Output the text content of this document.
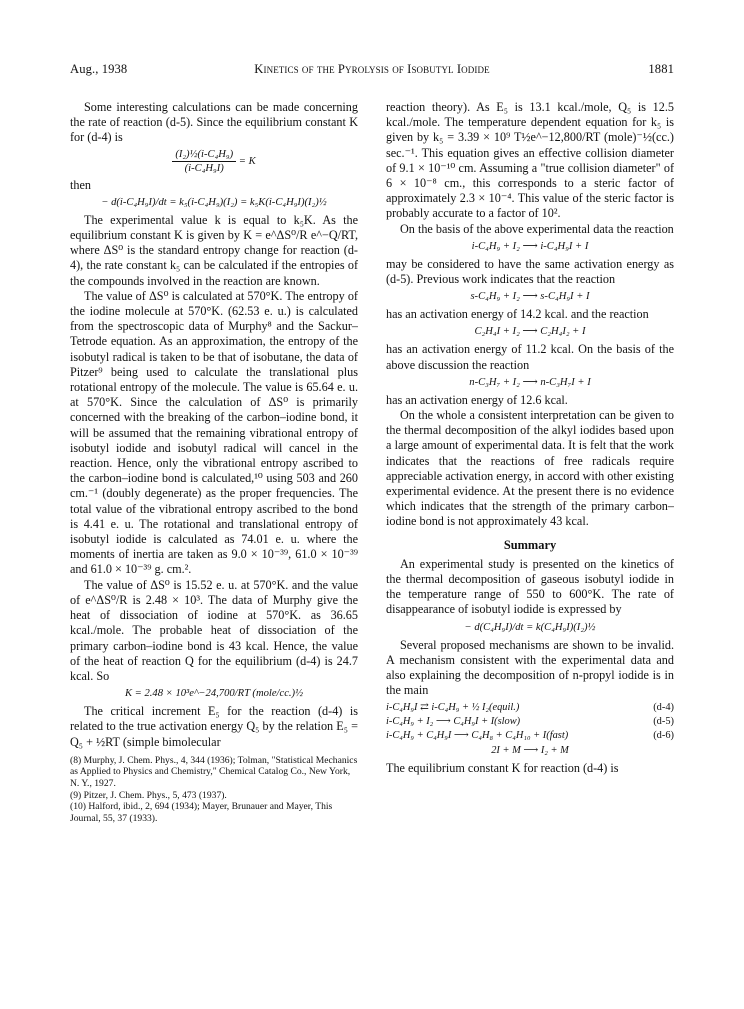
Aug., 1938	Kinetics of the Pyrolysis of Isobutyl Iodide	1881

Some interesting calculations can be made concerning the rate of reaction (d-5). Since the equilibrium constant K for (d-4) is

$\frac{\text{(I₂)½(i-C₄H₉)}}{\text{(i-C₄H₉I)}} = K$

then

− d(i-C₄H₉I)/dt = k₅(i-C₄H₉)(I₂) = k₅K(i-C₄H₉I)(I₂)½

The experimental value k is equal to k₅K. As the equilibrium constant K is given by K = e^ΔS⁰/R e^−Q/RT, where ΔS⁰ is the standard entropy change for reaction (d-4), the rate constant k₅ can be calculated if the entropies of the compounds involved in the reaction are known.

The value of ΔS⁰ is calculated at 570°K. The entropy of the iodine molecule at 570°K. (62.53 e. u.) is calculated from the spectroscopic data of Murphy⁸ and the Sackur–Tetrode equation. As an approximation, the entropy of the isobutyl radical is taken to be that of isobutane, the data of Pitzer⁹ being used to calculate the translational plus rotational entropy of the molecule. The value is 65.64 e. u. at 570°K. Since the calculation of ΔS⁰ is primarily concerned with the breaking of the carbon–iodine bond, it will be assumed that the remaining vibrational entropy of isobutyl iodide and isobutyl radical will cancel in the reaction. Hence, only the vibrational entropy ascribed to the carbon–iodine bond is calculated,¹⁰ using 503 and 260 cm.⁻¹ (doubly degenerate) as the proper frequencies. The total value of the vibrational entropy ascribed to the bond is 4.41 e. u. The rotational and translational entropy of isobutyl iodide is calculated as 74.01 e. u. where the moments of inertia are taken as 9.0 × 10⁻³⁹, 61.0 × 10⁻³⁹ and 61.0 × 10⁻³⁹ g. cm.².

The value of ΔS⁰ is 15.52 e. u. at 570°K. and the value of e^ΔS⁰/R is 2.48 × 10³. The data of Murphy give the heat of dissociation of iodine at 570°K. as 36.65 kcal./mole. The probable heat of dissociation of the primary carbon–iodine bond is 43 kcal. Hence, the value of the heat of reaction Q for the equilibrium (d-4) is 24.7 kcal. So

K = 2.48 × 10³e^−24,700/RT (mole/cc.)½

The critical increment E₅ for the reaction (d-4) is related to the true activation energy Q₅ by the relation E₅ = Q₅ + ½RT (simple bimolecular

(8) Murphy, J. Chem. Phys., 4, 344 (1936); Tolman, "Statistical Mechanics as Applied to Physics and Chemistry," Chemical Catalog Co., New York, N. Y., 1927.
(9) Pitzer, J. Chem. Phys., 5, 473 (1937).
(10) Halford, ibid., 2, 694 (1934); Mayer, Brunauer and Mayer, This Journal, 55, 37 (1933).

reaction theory). As E₅ is 13.1 kcal./mole, Q₅ is 12.5 kcal./mole. The temperature dependent equation for k₅ is given by k₅ = 3.39 × 10⁹ T½e^−12,800/RT (mole)⁻½(cc.) sec.⁻¹. This equation gives an effective collision diameter of 9.1 × 10⁻¹⁰ cm. Assuming a "true collision diameter" of 6 × 10⁻⁸ cm., this corresponds to a steric factor of approximately 2.3 × 10⁻⁴. This value of the steric factor is probably accurate to a factor of 10².

On the basis of the above experimental data the reaction

i-C₄H₉ + I₂ ⟶ i-C₄H₉I + I

may be considered to have the same activation energy as (d-5). Previous work indicates that the reaction

s-C₄H₉ + I₂ ⟶ s-C₄H₉I + I

has an activation energy of 14.2 kcal. and the reaction

C₂H₄I + I₂ ⟶ C₂H₄I₂ + I

has an activation energy of 11.2 kcal. On the basis of the above discussion the reaction

n-C₃H₇ + I₂ ⟶ n-C₃H₇I + I

has an activation energy of 12.6 kcal.

On the whole a consistent interpretation can be given to the thermal decomposition of the alkyl iodides based upon a large amount of experimental data. It is felt that the work indicates that the reactions of free radicals require appreciable activation energy, in accord with other existing experimental evidence. At the present there is no evidence which indicates that the strength of the primary carbon–iodine bond is not approximately 43 kcal.

Summary

An experimental study is presented on the kinetics of the thermal decomposition of gaseous isobutyl iodide in the temperature range of 550 to 600°K. The rate of disappearance of isobutyl iodide is expressed by

− d(C₄H₉I)/dt = k(C₄H₉I)(I₂)½

Several proposed mechanisms are shown to be invalid. A mechanism consistent with the experimental data and also explaining the decomposition of n-propyl iodide is in the main

i-C₄H₉I ⇄ i-C₄H₉ + ½ I₂(equil.)	(d-4)
i-C₄H₉ + I₂ ⟶ C₄H₉I + I(slow)	(d-5)
i-C₄H₉ + C₄H₉I ⟶ C₄H₈ + C₄H₁₀ + I(fast)	(d-6)
2I + M ⟶ I₂ + M

The equilibrium constant K for reaction (d-4) is
